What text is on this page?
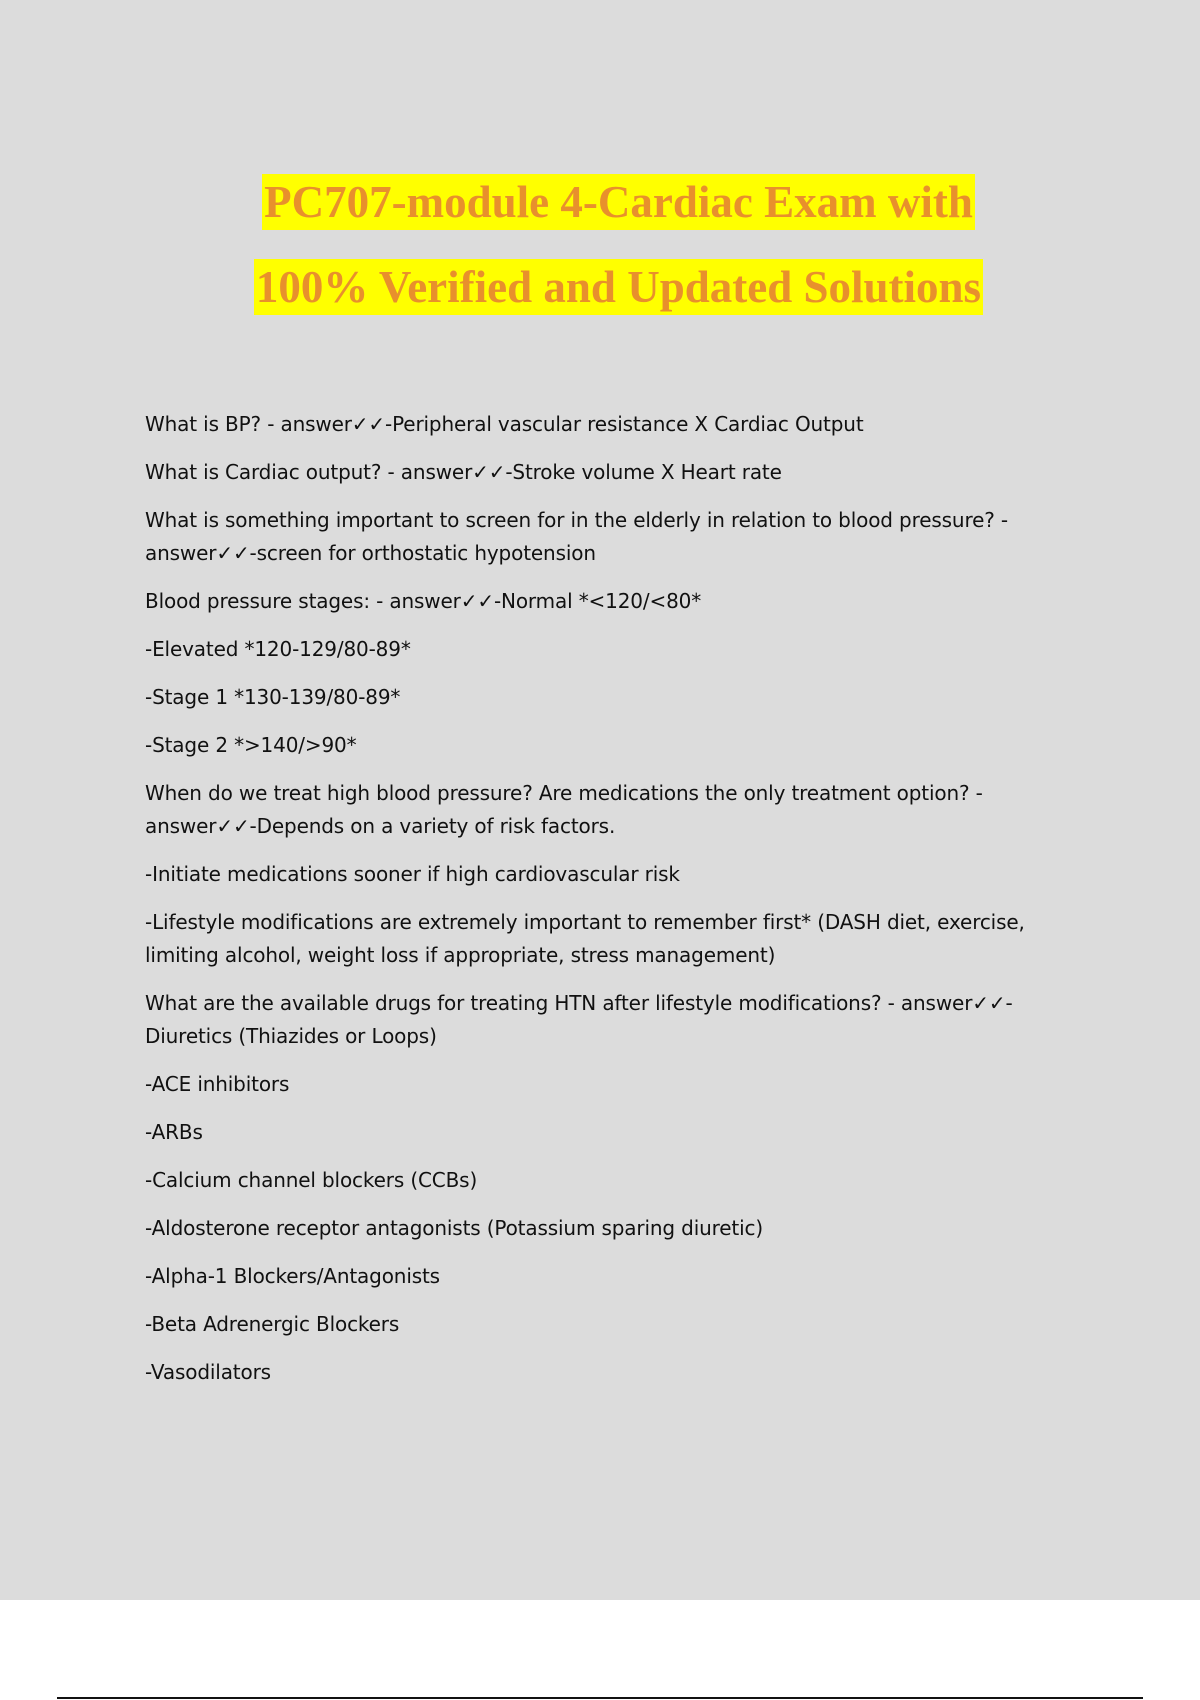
PC707-module 4-Cardiac Exam with
100% Verified and Updated Solutions

What is BP? - answer✓✓-Peripheral vascular resistance X Cardiac Output

What is Cardiac output? - answer✓✓-Stroke volume X Heart rate

What is something important to screen for in the elderly in relation to blood pressure? - answer✓✓-screen for orthostatic hypotension

Blood pressure stages: - answer✓✓-Normal *<120/<80*

-Elevated *120-129/80-89*

-Stage 1 *130-139/80-89*

-Stage 2 *>140/>90*

When do we treat high blood pressure? Are medications the only treatment option? - answer✓✓-Depends on a variety of risk factors.

-Initiate medications sooner if high cardiovascular risk

-Lifestyle modifications are extremely important to remember first* (DASH diet, exercise, limiting alcohol, weight loss if appropriate, stress management)

What are the available drugs for treating HTN after lifestyle modifications? - answer✓✓-Diuretics (Thiazides or Loops)

-ACE inhibitors

-ARBs

-Calcium channel blockers (CCBs)

-Aldosterone receptor antagonists (Potassium sparing diuretic)

-Alpha-1 Blockers/Antagonists

-Beta Adrenergic Blockers

-Vasodilators
